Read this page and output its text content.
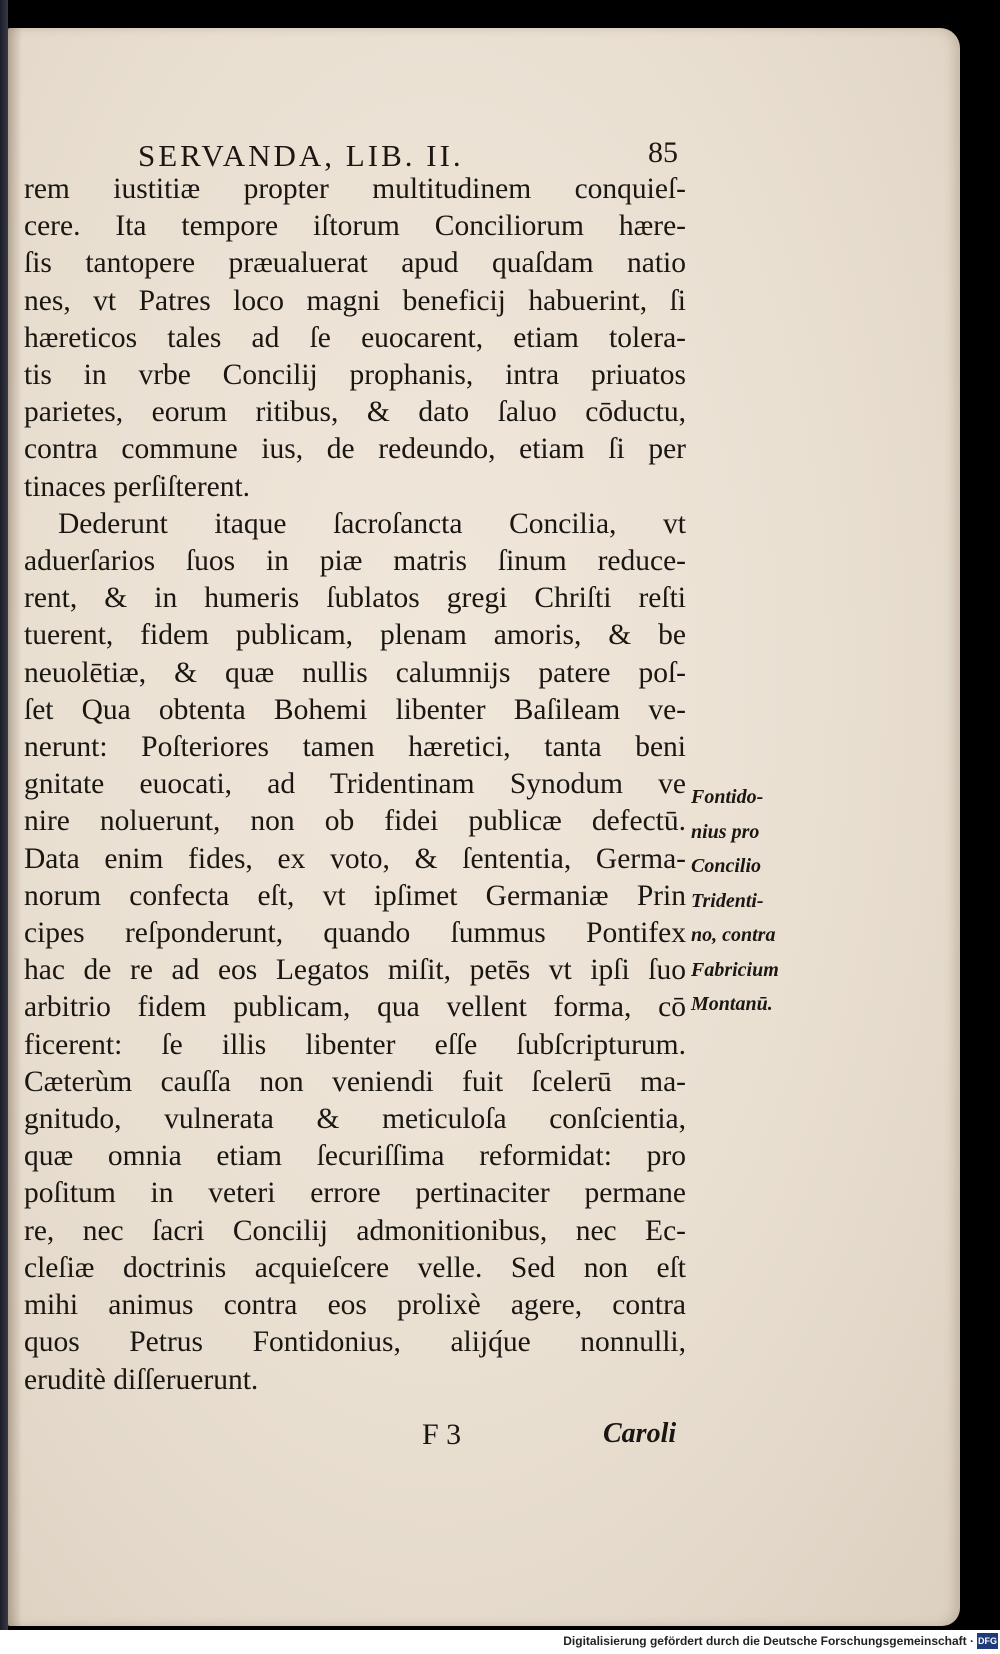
SERVANDA, LIB. II.	85
rem iustitiæ propter multitudinem conquieſ-
cere. Ita tempore iſtorum Conciliorum hære-
ſis tantopere præualuerat apud quaſdam natio
nes, vt Patres loco magni beneficij habuerint, ſi
hæreticos tales ad ſe euocarent, etiam tolera-
tis in vrbe Concilij prophanis, intra priuatos
parietes, eorum ritibus, & dato ſaluo cōductu,
contra commune ius, de redeundo, etiam ſi per
tinaces perſiſterent.
Dederunt itaque ſacroſancta Concilia, vt
aduerſarios ſuos in piæ matris ſinum reduce-
rent, & in humeris ſublatos gregi Chriſti reſti
tuerent, fidem publicam, plenam amoris, & be
neuolētiæ, & quæ nullis calumnijs patere poſ-
ſet Qua obtenta Bohemi libenter Baſileam ve-
nerunt: Poſteriores tamen hæretici, tanta beni
gnitate euocati, ad Tridentinam Synodum ve
nire noluerunt, non ob fidei publicæ defectū.
Data enim fides, ex voto, & ſententia, Germa-
norum confecta eſt, vt ipſimet Germaniæ Prin
cipes reſponderunt, quando ſummus Pontifex
hac de re ad eos Legatos miſit, petēs vt ipſi ſuo
arbitrio fidem publicam, qua vellent forma, cō
ficerent: ſe illis libenter eſſe ſubſcripturum.
Cæterùm cauſſa non veniendi fuit ſcelerū ma-
gnitudo, vulnerata & meticuloſa conſcientia,
quæ omnia etiam ſecuriſſima reformidat: pro
poſitum in veteri errore pertinaciter permane
re, nec ſacri Concilij admonitionibus, nec Ec-
cleſiæ doctrinis acquieſcere velle. Sed non eſt
mihi animus contra eos prolixè agere, contra
quos Petrus Fontidonius, alijq́ue nonnulli,
eruditè diſſeruerunt.
Fontido-
nius pro
Concilio
Tridenti-
no, contra
Fabricium
Montanū.
F 3	Caroli
Digitalisierung gefördert durch die Deutsche Forschungsgemeinschaft · DFG
